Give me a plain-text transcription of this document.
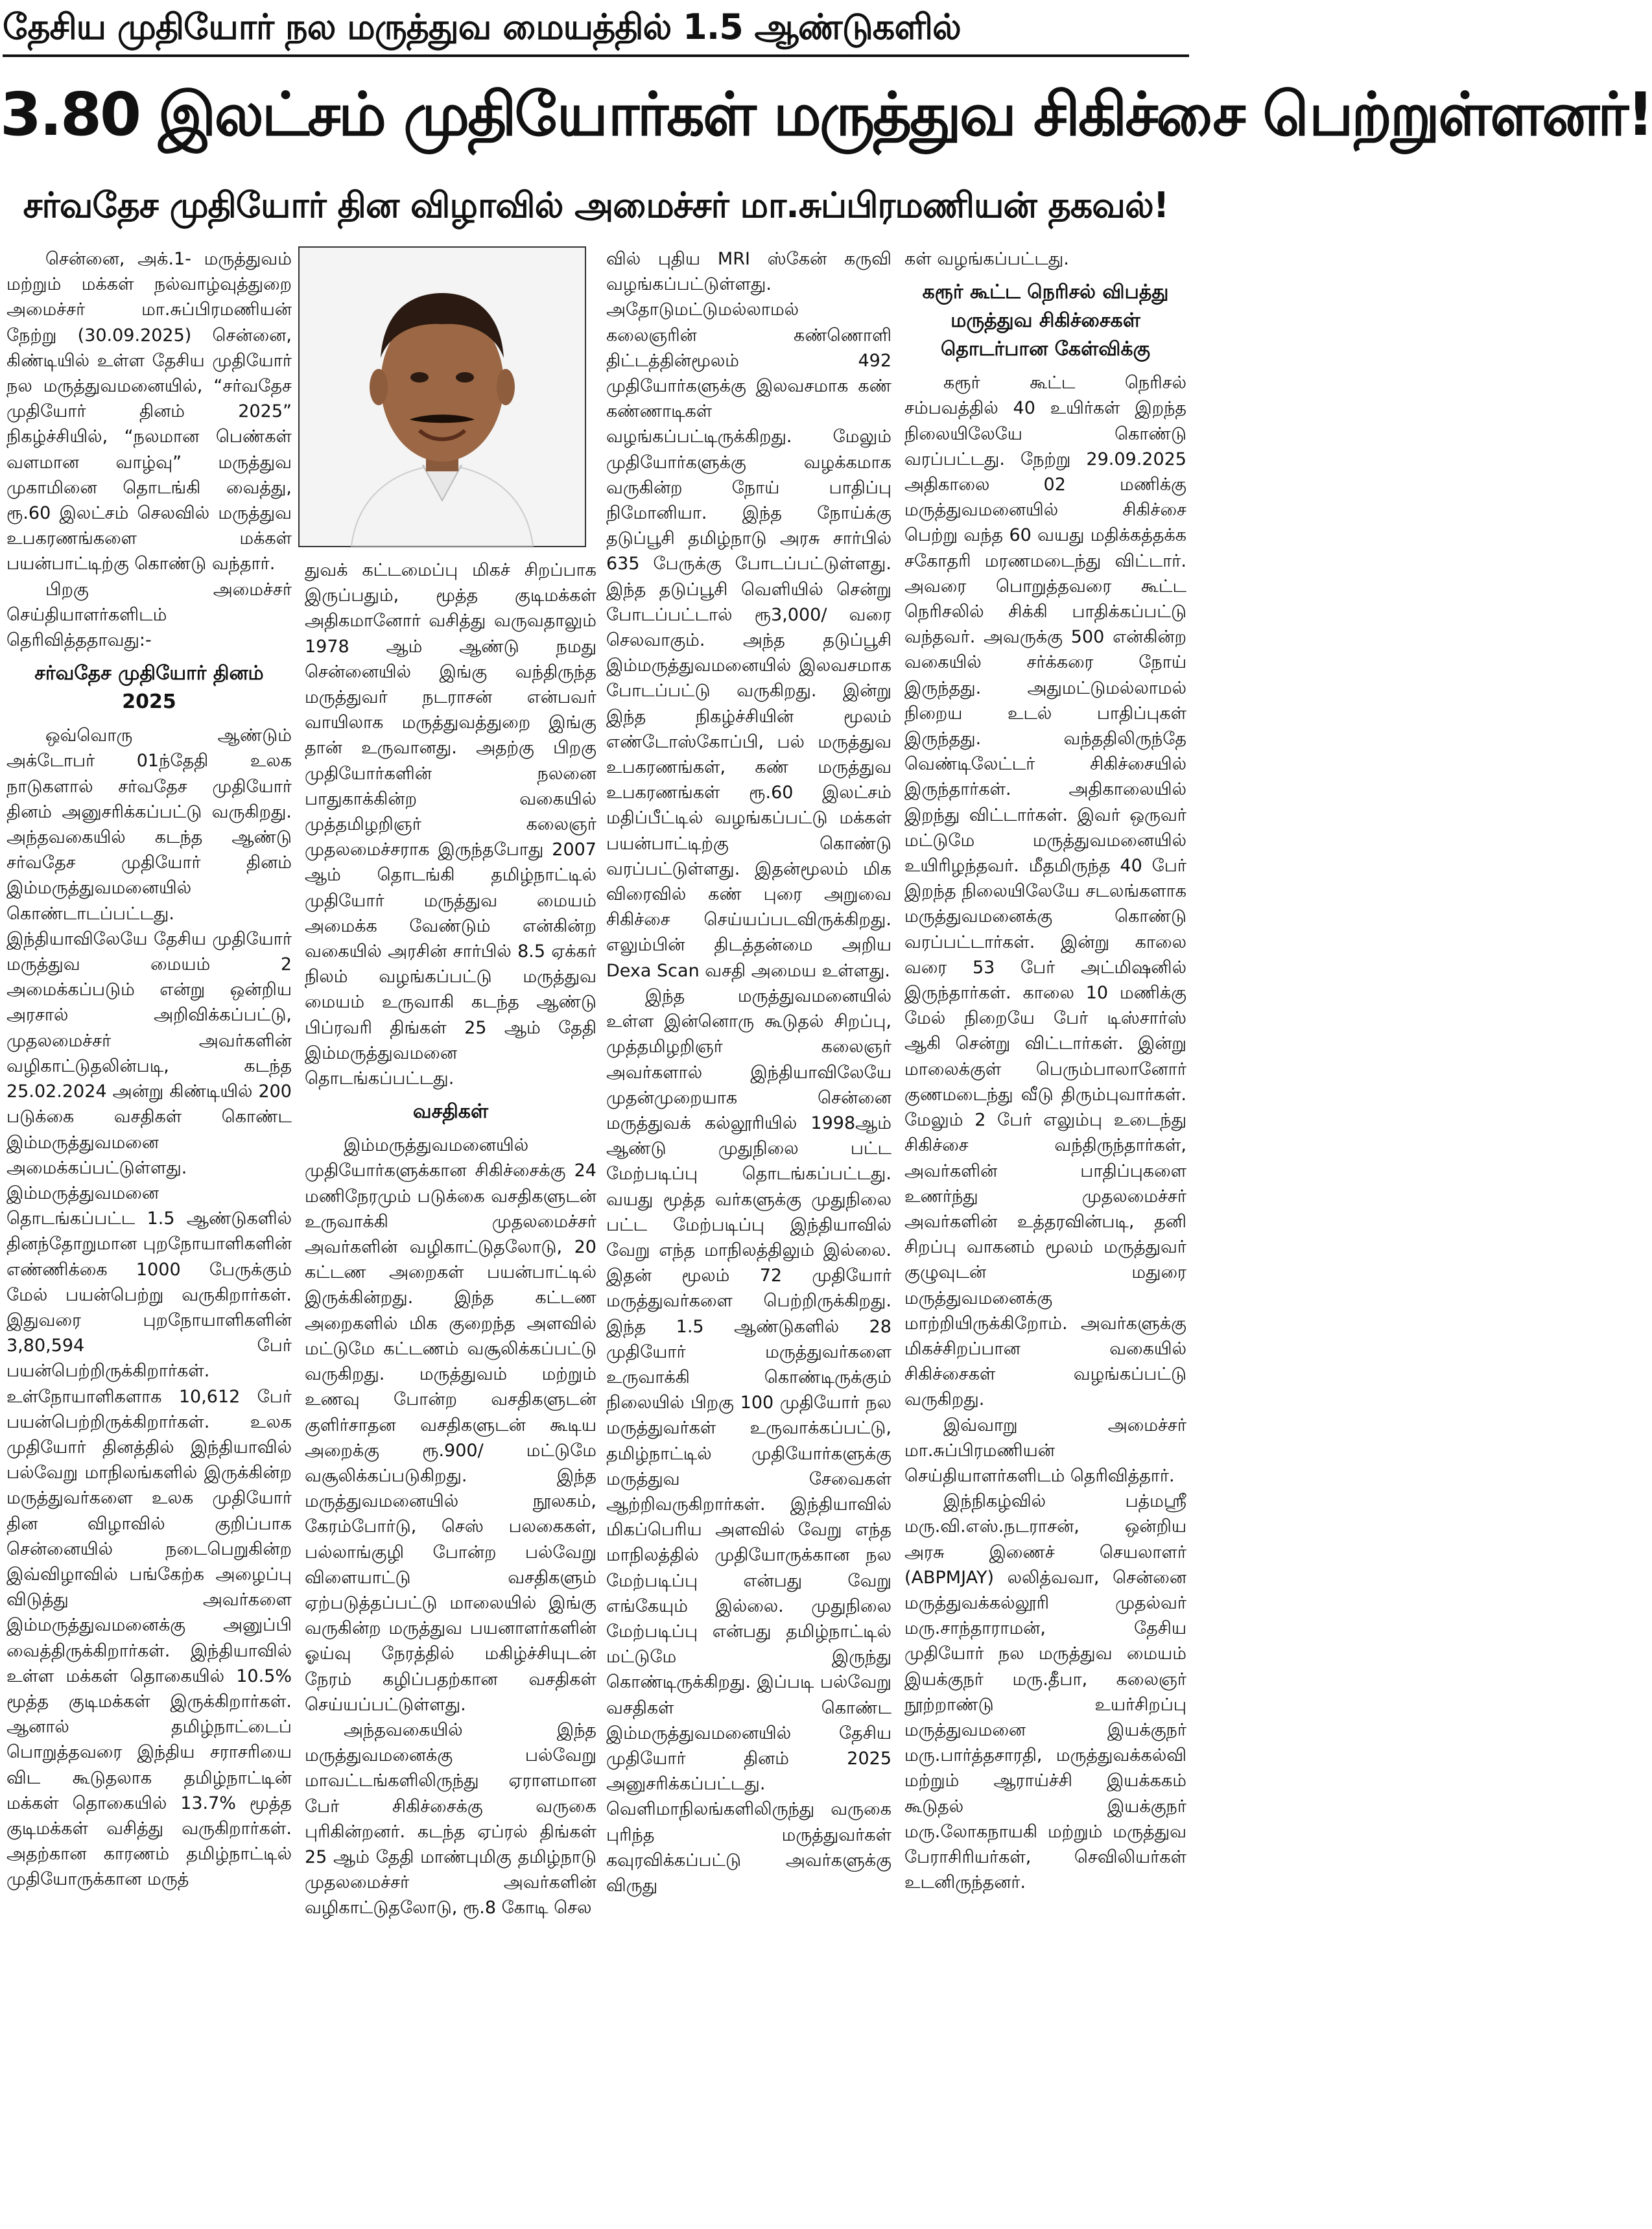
தேசிய முதியோர் நல மருத்துவ மையத்தில் 1.5 ஆண்டுகளில்
3.80 இலட்சம் முதியோர்கள் மருத்துவ சிகிச்சை பெற்றுள்ளனர்!
சர்வதேச முதியோர் தின விழாவில் அமைச்சர் மா.சுப்பிரமணியன் தகவல்!

சென்னை, அக்.1- மருத்துவம் மற்றும் மக்கள் நல்வாழ்வுத்துறை அமைச்சர் மா.சுப்பிரமணியன் நேற்று (30.09.2025) சென்னை, கிண்டியில் உள்ள தேசிய முதியோர் நல மருத்துவமனையில், “சர்வதேச முதியோர் தினம் 2025” நிகழ்ச்சியில், “நலமான பெண்கள் வளமான வாழ்வு” மருத்துவ முகாமினை தொடங்கி வைத்து, ரூ.60 இலட்சம் செலவில் மருத்துவ உபகரணங்களை மக்கள் பயன்பாட்டிற்கு கொண்டு வந்தார்.

பிறகு அமைச்சர் செய்தியாளர்களிடம் தெரிவித்ததாவது:-

சர்வதேச முதியோர் தினம் 2025

ஒவ்வொரு ஆண்டும் அக்டோபர் 01ந்தேதி உலக நாடுகளால் சர்வதேச முதியோர் தினம் அனுசரிக்கப்பட்டு வருகிறது. அந்தவகையில் கடந்த ஆண்டு சர்வதேச முதியோர் தினம் இம்மருத்துவமனையில் கொண்டாடப்பட்டது. இந்தியாவிலேயே தேசிய முதியோர் மருத்துவ மையம் 2 அமைக்கப்படும் என்று ஒன்றிய அரசால் அறிவிக்கப்பட்டு, முதலமைச்சர் அவர்களின் வழிகாட்டுதலின்படி, கடந்த 25.02.2024 அன்று கிண்டியில் 200 படுக்கை வசதிகள் கொண்ட இம்மருத்துவமனை அமைக்கப்பட்டுள்ளது. இம்மருத்துவமனை தொடங்கப்பட்ட 1.5 ஆண்டுகளில் தினந்தோறுமான புறநோயாளிகளின் எண்ணிக்கை 1000 பேருக்கும் மேல் பயன்பெற்று வருகிறார்கள். இதுவரை புறநோயாளிகளின் 3,80,594 பேர் பயன்பெற்றிருக்கிறார்கள். உள்நோயாளிகளாக 10,612 பேர் பயன்பெற்றிருக்கிறார்கள். உலக முதியோர் தினத்தில் இந்தியாவில் பல்வேறு மாநிலங்களில் இருக்கின்ற மருத்துவர்களை உலக முதியோர் தின விழாவில் குறிப்பாக சென்னையில் நடைபெறுகின்ற இவ்விழாவில் பங்கேற்க அழைப்பு விடுத்து அவர்களை இம்மருத்துவமனைக்கு அனுப்பி வைத்திருக்கிறார்கள். இந்தியாவில் உள்ள மக்கள் தொகையில் 10.5% மூத்த குடிமக்கள் இருக்கிறார்கள். ஆனால் தமிழ்நாட்டைப் பொறுத்தவரை இந்திய சராசரியை விட கூடுதலாக தமிழ்நாட்டின் மக்கள் தொகையில் 13.7% மூத்த குடிமக்கள் வசித்து வருகிறார்கள். அதற்கான காரணம் தமிழ்நாட்டில் முதியோருக்கான மருத்

துவக் கட்டமைப்பு மிகச் சிறப்பாக இருப்பதும், மூத்த குடிமக்கள் அதிகமானோர் வசித்து வருவதாலும் 1978 ஆம் ஆண்டு நமது சென்னையில் இங்கு வந்திருந்த மருத்துவர் நடராசன் என்பவர் வாயிலாக மருத்துவத்துறை இங்கு தான் உருவானது. அதற்கு பிறகு முதியோர்களின் நலனை பாதுகாக்கின்ற வகையில் முத்தமிழறிஞர் கலைஞர் முதலமைச்சராக இருந்தபோது 2007 ஆம் தொடங்கி தமிழ்நாட்டில் முதியோர் மருத்துவ மையம் அமைக்க வேண்டும் என்கின்ற வகையில் அரசின் சார்பில் 8.5 ஏக்கர் நிலம் வழங்கப்பட்டு மருத்துவ மையம் உருவாகி கடந்த ஆண்டு பிப்ரவரி திங்கள் 25 ஆம் தேதி இம்மருத்துவமனை தொடங்கப்பட்டது.

வசதிகள்

இம்மருத்துவமனையில் முதியோர்களுக்கான சிகிச்சைக்கு 24 மணிநேரமும் படுக்கை வசதிகளுடன் உருவாக்கி முதலமைச்சர் அவர்களின் வழிகாட்டுதலோடு, 20 கட்டண அறைகள் பயன்பாட்டில் இருக்கின்றது. இந்த கட்டண அறைகளில் மிக குறைந்த அளவில் மட்டுமே கட்டணம் வசூலிக்கப்பட்டு வருகிறது. மருத்துவம் மற்றும் உணவு போன்ற வசதிகளுடன் குளிர்சாதன வசதிகளுடன் கூடிய அறைக்கு ரூ.900/ மட்டுமே வசூலிக்கப்படுகிறது. இந்த மருத்துவமனையில் நூலகம், கேரம்போர்டு, செஸ் பலகைகள், பல்லாங்குழி போன்ற பல்வேறு விளையாட்டு வசதிகளும் ஏற்படுத்தப்பட்டு மாலையில் இங்கு வருகின்ற மருத்துவ பயனாளர்களின் ஓய்வு நேரத்தில் மகிழ்ச்சியுடன் நேரம் கழிப்பதற்கான வசதிகள் செய்யப்பட்டுள்ளது.

அந்தவகையில் இந்த மருத்துவமனைக்கு பல்வேறு மாவட்டங்களிலிருந்து ஏராளமான பேர் சிகிச்சைக்கு வருகை புரிகின்றனர். கடந்த ஏப்ரல் திங்கள் 25 ஆம் தேதி மாண்புமிகு தமிழ்நாடு முதலமைச்சர் அவர்களின் வழிகாட்டுதலோடு, ரூ.8 கோடி செல

வில் புதிய MRI ஸ்கேன் கருவி வழங்கப்பட்டுள்ளது. அதோடுமட்டுமல்லாமல் கலைஞரின் கண்ணொளி திட்டத்தின்மூலம் 492 முதியோர்களுக்கு இலவசமாக கண் கண்ணாடிகள் வழங்கப்பட்டிருக்கிறது. மேலும் முதியோர்களுக்கு வழக்கமாக வருகின்ற நோய் பாதிப்பு நிமோனியா. இந்த நோய்க்கு தடுப்பூசி தமிழ்நாடு அரசு சார்பில் 635 பேருக்கு போடப்பட்டுள்ளது. இந்த தடுப்பூசி வெளியில் சென்று போடப்பட்டால் ரூ3,000/ வரை செலவாகும். அந்த தடுப்பூசி இம்மருத்துவமனையில் இலவசமாக போடப்பட்டு வருகிறது. இன்று இந்த நிகழ்ச்சியின் மூலம் எண்டோஸ்கோப்பி, பல் மருத்துவ உபகரணங்கள், கண் மருத்துவ உபகரணங்கள் ரூ.60 இலட்சம் மதிப்பீட்டில் வழங்கப்பட்டு மக்கள் பயன்பாட்டிற்கு கொண்டு வரப்பட்டுள்ளது. இதன்மூலம் மிக விரைவில் கண் புரை அறுவை சிகிச்சை செய்யப்படவிருக்கிறது. எலும்பின் திடத்தன்மை அறிய Dexa Scan வசதி அமைய உள்ளது.

இந்த மருத்துவமனையில் உள்ள இன்னொரு கூடுதல் சிறப்பு, முத்தமிழறிஞர் கலைஞர் அவர்களால் இந்தியாவிலேயே முதன்முறையாக சென்னை மருத்துவக் கல்லூரியில் 1998ஆம் ஆண்டு முதுநிலை பட்ட மேற்படிப்பு தொடங்கப்பட்டது. வயது மூத்த வர்களுக்கு முதுநிலை பட்ட மேற்படிப்பு இந்தியாவில் வேறு எந்த மாநிலத்திலும் இல்லை. இதன் மூலம் 72 முதியோர் மருத்துவர்களை பெற்றிருக்கிறது. இந்த 1.5 ஆண்டுகளில் 28 முதியோர் மருத்துவர்களை உருவாக்கி கொண்டிருக்கும் நிலையில் பிறகு 100 முதியோர் நல மருத்துவர்கள் உருவாக்கப்பட்டு, தமிழ்நாட்டில் முதியோர்களுக்கு மருத்துவ சேவைகள் ஆற்றிவருகிறார்கள். இந்தியாவில் மிகப்பெரிய அளவில் வேறு எந்த மாநிலத்தில் முதியோருக்கான நல மேற்படிப்பு என்பது வேறு எங்கேயும் இல்லை. முதுநிலை மேற்படிப்பு என்பது தமிழ்நாட்டில் மட்டுமே இருந்து கொண்டிருக்கிறது. இப்படி பல்வேறு வசதிகள் கொண்ட இம்மருத்துவமனையில் தேசிய முதியோர் தினம் 2025 அனுசரிக்கப்பட்டது. வெளிமாநிலங்களிலிருந்து வருகை புரிந்த மருத்துவர்கள் கவுரவிக்கப்பட்டு அவர்களுக்கு விருது

கள் வழங்கப்பட்டது.

கரூர் கூட்ட நெரிசல் விபத்து மருத்துவ சிகிச்சைகள் தொடர்பான கேள்விக்கு

கரூர் கூட்ட நெரிசல் சம்பவத்தில் 40 உயிர்கள் இறந்த நிலையிலேயே கொண்டு வரப்பட்டது. நேற்று 29.09.2025 அதிகாலை 02 மணிக்கு மருத்துவமனையில் சிகிச்சை பெற்று வந்த 60 வயது மதிக்கத்தக்க சகோதரி மரணமடைந்து விட்டார். அவரை பொறுத்தவரை கூட்ட நெரிசலில் சிக்கி பாதிக்கப்பட்டு வந்தவர். அவருக்கு 500 என்கின்ற வகையில் சர்க்கரை நோய் இருந்தது. அதுமட்டுமல்லாமல் நிறைய உடல் பாதிப்புகள் இருந்தது. வந்ததிலிருந்தே வெண்டிலேட்டர் சிகிச்சையில் இருந்தார்கள். அதிகாலையில் இறந்து விட்டார்கள். இவர் ஒருவர் மட்டுமே மருத்துவமனையில் உயிரிழந்தவர். மீதமிருந்த 40 பேர் இறந்த நிலையிலேயே சடலங்களாக மருத்துவமனைக்கு கொண்டு வரப்பட்டார்கள். இன்று காலை வரை 53 பேர் அட்மிஷனில் இருந்தார்கள். காலை 10 மணிக்கு மேல் நிறையே பேர் டிஸ்சார்ஸ் ஆகி சென்று விட்டார்கள். இன்று மாலைக்குள் பெரும்பாலானோர் குணமடைந்து வீடு திரும்புவார்கள். மேலும் 2 பேர் எலும்பு உடைந்து சிகிச்சை வந்திருந்தார்கள், அவர்களின் பாதிப்புகளை உணர்ந்து முதலமைச்சர் அவர்களின் உத்தரவின்படி, தனி சிறப்பு வாகனம் மூலம் மருத்துவர் குழுவுடன் மதுரை மருத்துவமனைக்கு மாற்றியிருக்கிறோம். அவர்களுக்கு மிகச்சிறப்பான வகையில் சிகிச்சைகள் வழங்கப்பட்டு வருகிறது.

இவ்வாறு அமைச்சர் மா.சுப்பிரமணியன் செய்தியாளர்களிடம் தெரிவித்தார்.

இந்நிகழ்வில் பத்மஸ்ரீ மரு.வி.எஸ்.நடராசன், ஒன்றிய அரசு இணைச் செயலாளர் (ABPMJAY) லலித்வவா, சென்னை மருத்துவக்கல்லூரி முதல்வர் மரு.சாந்தாராமன், தேசிய முதியோர் நல மருத்துவ மையம் இயக்குநர் மரு.தீபா, கலைஞர் நூற்றாண்டு உயர்சிறப்பு மருத்துவமனை இயக்குநர் மரு.பார்த்தசாரதி, மருத்துவக்கல்வி மற்றும் ஆராய்ச்சி இயக்ககம் கூடுதல் இயக்குநர் மரு.லோகநாயகி மற்றும் மருத்துவ பேராசிரியர்கள், செவிலியர்கள் உடனிருந்தனர்.
